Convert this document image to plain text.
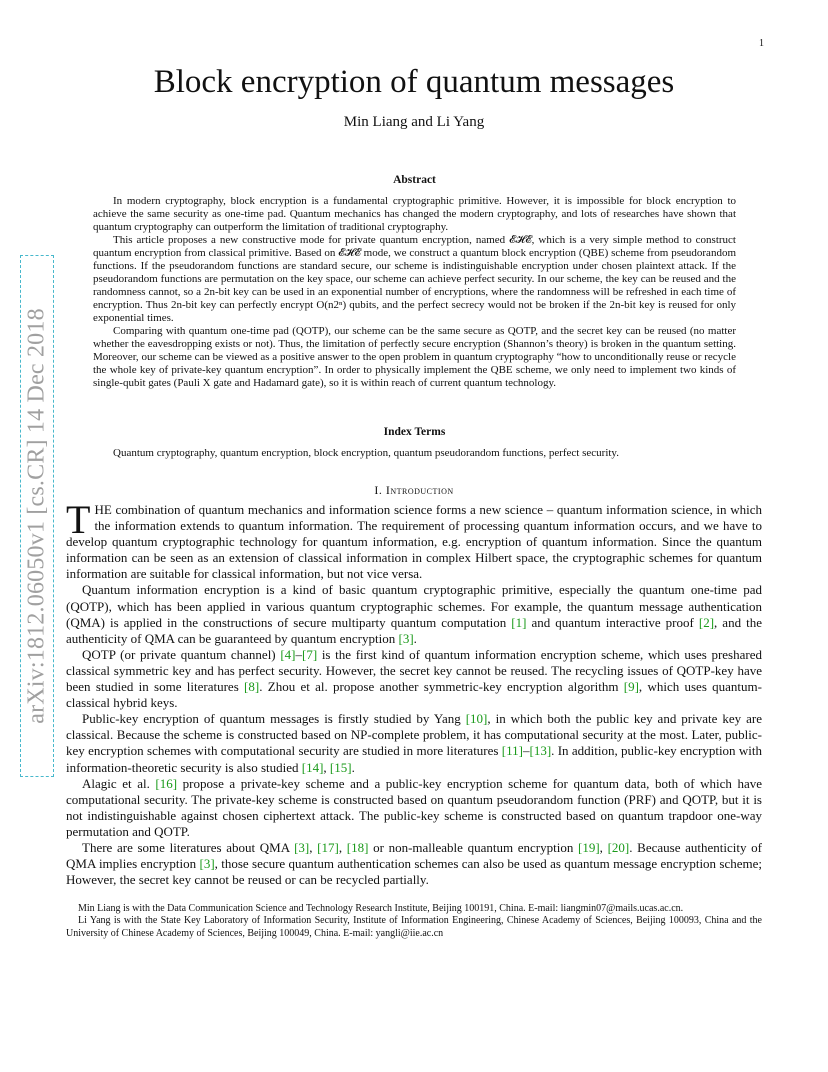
1
arXiv:1812.06050v1 [cs.CR] 14 Dec 2018
Block encryption of quantum messages
Min Liang and Li Yang
Abstract

In modern cryptography, block encryption is a fundamental cryptographic primitive. However, it is impossible for block encryption to achieve the same security as one-time pad. Quantum mechanics has changed the modern cryptography, and lots of researches have shown that quantum cryptography can outperform the limitation of traditional cryptography.

This article proposes a new constructive mode for private quantum encryption, named 𝓔𝓗𝓔, which is a very simple method to construct quantum encryption from classical primitive. Based on 𝓔𝓗𝓔 mode, we construct a quantum block encryption (QBE) scheme from pseudorandom functions. If the pseudorandom functions are standard secure, our scheme is indistinguishable encryption under chosen plaintext attack. If the pseudorandom functions are permutation on the key space, our scheme can achieve perfect security. In our scheme, the key can be reused and the randomness cannot, so a 2n-bit key can be used in an exponential number of encryptions, where the randomness will be refreshed in each time of encryption. Thus 2n-bit key can perfectly encrypt O(n2ⁿ) qubits, and the perfect secrecy would not be broken if the 2n-bit key is reused for only exponential times.

Comparing with quantum one-time pad (QOTP), our scheme can be the same secure as QOTP, and the secret key can be reused (no matter whether the eavesdropping exists or not). Thus, the limitation of perfectly secure encryption (Shannon’s theory) is broken in the quantum setting. Moreover, our scheme can be viewed as a positive answer to the open problem in quantum cryptography “how to unconditionally reuse or recycle the whole key of private-key quantum encryption”. In order to physically implement the QBE scheme, we only need to implement two kinds of single-qubit gates (Pauli X gate and Hadamard gate), so it is within reach of current quantum technology.

Index Terms

Quantum cryptography, quantum encryption, block encryption, quantum pseudorandom functions, perfect security.

I. Introduction

THE combination of quantum mechanics and information science forms a new science – quantum information science, in which the information extends to quantum information. The requirement of processing quantum information occurs, and we have to develop quantum cryptographic technology for quantum information, e.g. encryption of quantum information. Since the quantum information can be seen as an extension of classical information in complex Hilbert space, the cryptographic schemes for quantum information are suitable for classical information, but not vice versa.

Quantum information encryption is a kind of basic quantum cryptographic primitive, especially the quantum one-time pad (QOTP), which has been applied in various quantum cryptographic schemes. For example, the quantum message authentication (QMA) is applied in the constructions of secure multiparty quantum computation [1] and quantum interactive proof [2], and the authenticity of QMA can be guaranteed by quantum encryption [3].

QOTP (or private quantum channel) [4]–[7] is the first kind of quantum information encryption scheme, which uses preshared classical symmetric key and has perfect security. However, the secret key cannot be reused. The recycling issues of QOTP-key have been studied in some literatures [8]. Zhou et al. propose another symmetric-key encryption algorithm [9], which uses quantum-classical hybrid keys.

Public-key encryption of quantum messages is firstly studied by Yang [10], in which both the public key and private key are classical. Because the scheme is constructed based on NP-complete problem, it has computational security at the most. Later, public-key encryption schemes with computational security are studied in more literatures [11]–[13]. In addition, public-key encryption with information-theoretic security is also studied [14], [15].

Alagic et al. [16] propose a private-key scheme and a public-key encryption scheme for quantum data, both of which have computational security. The private-key scheme is constructed based on quantum pseudorandom function (PRF) and QOTP, but it is not indistinguishable against chosen ciphertext attack. The public-key scheme is constructed based on quantum trapdoor one-way permutation and QOTP.

There are some literatures about QMA [3], [17], [18] or non-malleable quantum encryption [19], [20]. Because authenticity of QMA implies encryption [3], those secure quantum authentication schemes can also be used as quantum message encryption scheme; However, the secret key cannot be reused or can be recycled partially.

Min Liang is with the Data Communication Science and Technology Research Institute, Beijing 100191, China. E-mail: liangmin07@mails.ucas.ac.cn.

Li Yang is with the State Key Laboratory of Information Security, Institute of Information Engineering, Chinese Academy of Sciences, Beijing 100093, China and the University of Chinese Academy of Sciences, Beijing 100049, China. E-mail: yangli@iie.ac.cn
